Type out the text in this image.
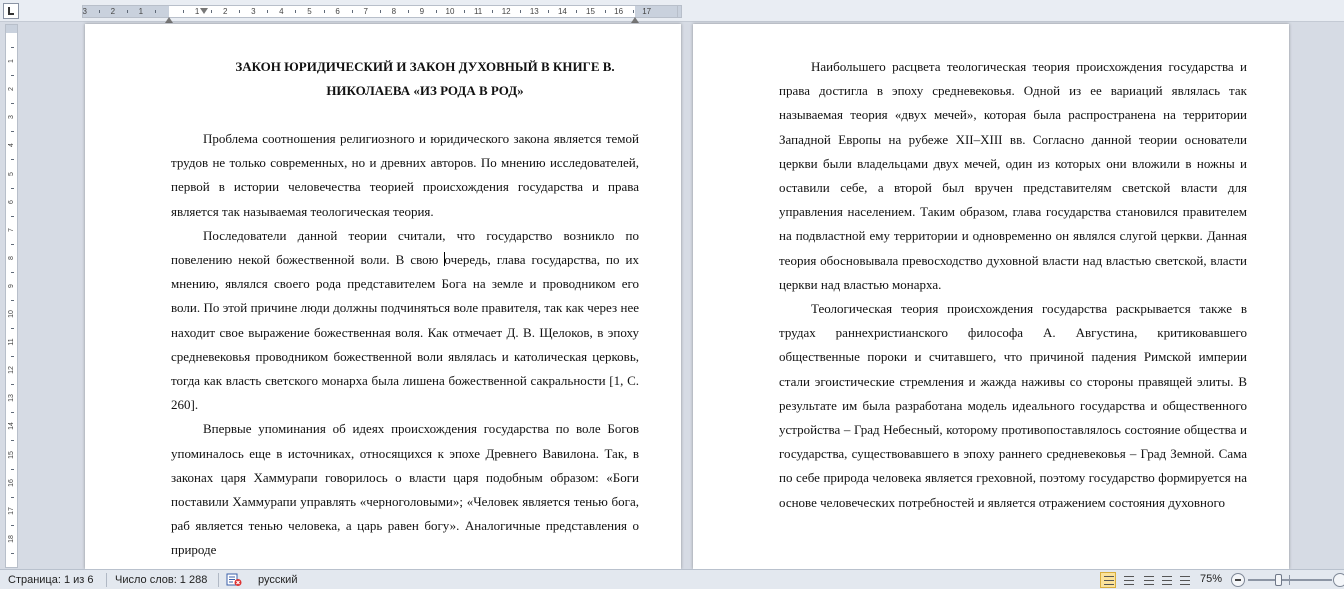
3	2	1	1	2	3	4	5	6	7	8	9	10 11 12 13 14 15 16 17
1
2
3
4
5
6
7
8
9
10
11
12
13
14
15
16
17
18
ЗАКОН ЮРИДИЧЕСКИЙ И ЗАКОН ДУХОВНЫЙ В КНИГЕ В.
НИКОЛАЕВА «ИЗ РОДА В РОД»

Проблема соотношения религиозного и юридического закона является темой трудов не только современных, но и древних авторов. По мнению исследователей, первой в истории человечества теорией происхождения государства и права является так называемая теологическая теория.

Последователи данной теории считали, что государство возникло по повелению некой божественной воли. В свою очередь, глава государства, по их мнению, являлся своего рода представителем Бога на земле и проводником его воли. По этой причине люди должны подчиняться воле правителя, так как через нее находит свое выражение божественная воля. Как отмечает Д. В. Щелоков, в эпоху средневековья проводником божественной воли являлась и католическая церковь, тогда как власть светского монарха была лишена божественной сакральности [1, С. 260].

Впервые упоминания об идеях происхождения государства по воле Богов упоминалось еще в источниках, относящихся к эпохе Древнего Вавилона. Так, в законах царя Хаммурапи говорилось о власти царя подобным образом: «Боги поставили Хаммурапи управлять «черноголовыми»; «Человек является тенью бога, раб является тенью человека, а царь равен богу». Аналогичные представления о природе

Наибольшего расцвета теологическая теория происхождения государства и права достигла в эпоху средневековья. Одной из ее вариаций являлась так называемая теория «двух мечей», которая была распространена на территории Западной Европы на рубеже XII–XIII вв. Согласно данной теории основатели церкви были владельцами двух мечей, один из которых они вложили в ножны и оставили себе, а второй был вручен представителям светской власти для управления населением. Таким образом, глава государства становился правителем на подвластной ему территории и одновременно он являлся слугой церкви. Данная теория обосновывала превосходство духовной власти над властью светской, власти церкви над властью монарха.

Теологическая теория происхождения государства раскрывается также в трудах раннехристианского философа А. Августина, критиковавшего общественные пороки и считавшего, что причиной падения Римской империи стали эгоистические стремления и жажда наживы со стороны правящей элиты. В результате им была разработана модель идеального государства и общественного устройства – Град Небесный, которому противопоставлялось состояние общества и государства, существовавшего в эпоху раннего средневековья – Град Земной. Сама по себе природа человека является греховной, поэтому государство формируется на основе человеческих потребностей и является отражением состояния духовного

Страница: 1 из 6 Число слов: 1 288	русский	75%
